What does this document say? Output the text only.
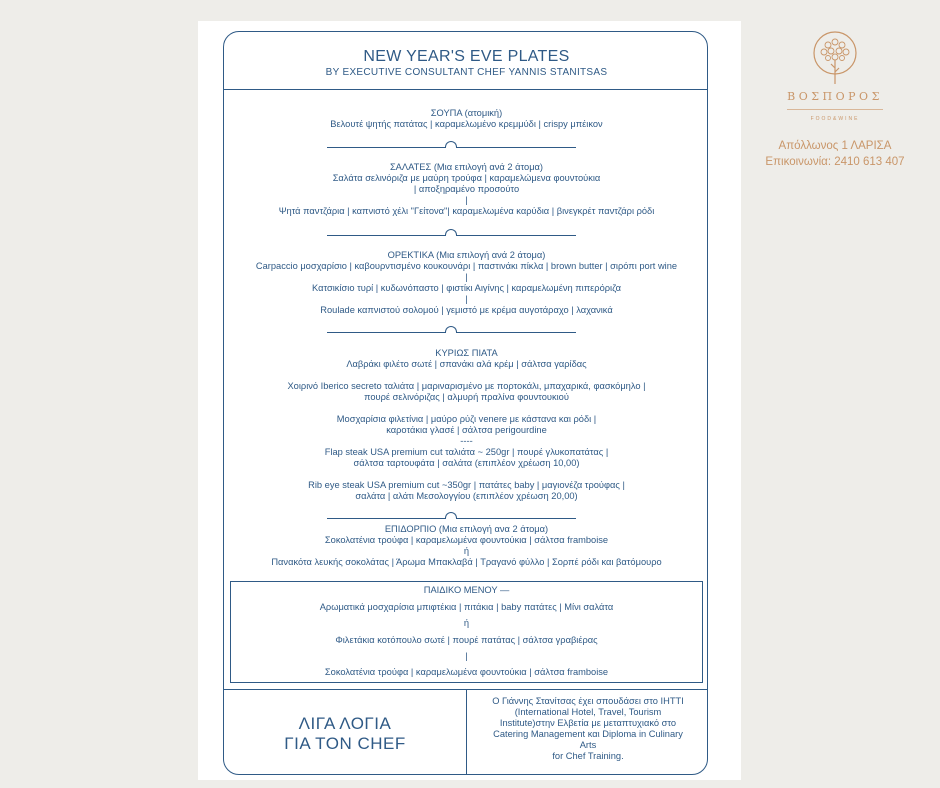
NEW YEAR'S EVE PLATES
BY EXECUTIVE CONSULTANT CHEF YANNIS STANITSAS
ΣΟΥΠΑ (ατομική)
Βελουτέ ψητής πατάτας | καραμελωμένο κρεμμύδι | crispy μπέικον
ΣΑΛΑΤΕΣ (Μια επιλογή ανά 2 άτομα)
Σαλάτα σελινόριζα με μαύρη τρούφα | καραμελώμενα φουντούκια
| αποξηραμένο προσούτο
|
Ψητά παντζάρια | καπνιστό χέλι "Γείτονα"| καραμελωμένα καρύδια | βινεγκρέτ παντζάρι ρόδι
ΟΡΕΚΤΙΚΑ (Μια επιλογή ανά 2 άτομα)
Carpaccio μοσχαρίσιο | καβουρντισμένο κουκουνάρι | παστινάκι πίκλα | brown butter | σιρόπι port wine
|
Κατσικίσιο τυρί | κυδωνόπαστο | φιστίκι Αιγίνης | καραμελωμένη πιπερόριζα
|
Roulade καπνιστού σολομού | γεμιστό με κρέμα αυγοτάραχο | λαχανικά
ΚΥΡΙΩΣ ΠΙΑΤΑ
Λαβράκι φιλέτο σωτέ | σπανάκι αλά κρέμ | σάλτσα γαρίδας
Χοιρινό Iberico secreto ταλιάτα | μαριναρισμένο με πορτοκάλι, μπαχαρικά, φασκόμηλο |
πουρέ σελινόριζας | αλμυρή πραλίνα φουντουκιού
Μοσχαρίσια φιλετίνια | μαύρο ρύζι venere με κάστανα και ρόδι |
καροτάκια γλασέ | σάλτσα perigourdine
----
Flap steak USA premium cut ταλιάτα ~ 250gr | πουρέ γλυκοπατάτας |
σάλτσα ταρτουφάτα | σαλάτα (επιπλέον χρέωση 10,00)
Rib eye steak USA premium cut ~350gr | πατάτες baby | μαγιονέζα τρούφας |
σαλάτα | αλάτι Μεσολογγίου (επιπλέον χρέωση 20,00)
ΕΠΙΔΟΡΠΙΟ (Μια επιλογή ανα 2 άτομα)
Σοκολατένια τρούφα | καραμελωμένα φουντούκια | σάλτσα framboise
ή
Πανακότα λευκής σοκολάτας | Άρωμα Μπακλαβά | Τραγανό φύλλο | Σορπέ ρόδι και βατόμουρο
ΠΑΙΔΙΚΟ ΜΕΝΟΥ —
Αρωματικά μοσχαρίσια μπιφτέκια | πιτάκια | baby πατάτες | Μίνι σαλάτα
ή
Φιλετάκια κοτόπουλο σωτέ | πουρέ πατάτας | σάλτσα γραβιέρας
|
Σοκολατένια τρούφα | καραμελωμένα φουντούκια | σάλτσα framboise
ΛΙΓΑ ΛΟΓΙΑ
ΓΙΑ ΤΟΝ CHEF
Ο Γιάννης Στανίτσας έχει σπουδάσει στο IHTTI
(International Hotel, Travel, Tourism
Institute)στην Ελβετία με μεταπτυχιακό στο
Catering Management και Diploma in Culinary
Arts
for Chef Training.
ΒΟΣΠΟΡΟΣ
FOOD&WINE
Απόλλωνος 1 ΛΑΡΙΣΑ
Επικοινωνία: 2410 613 407
